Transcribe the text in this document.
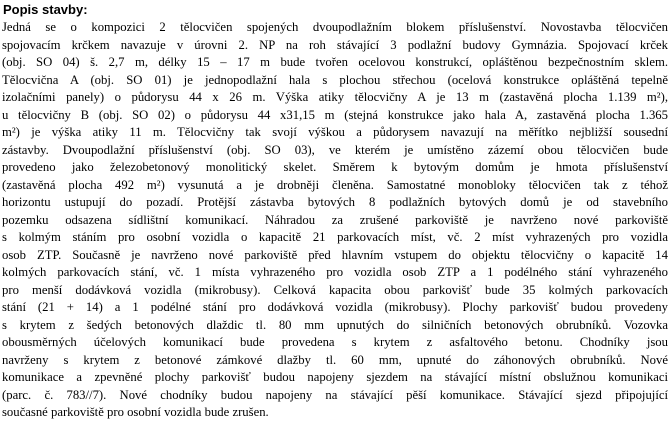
Popis stavby:
Jedná se o kompozici 2 tělocvičen spojených dvoupodlažním blokem příslušenství. Novostavba tělocvičen
spojovacím krčkem navazuje v úrovni 2. NP na roh stávající 3 podlažní budovy Gymnázia. Spojovací krček
(obj. SO 04) š. 2,7 m, délky 15 – 17 m bude tvořen ocelovou konstrukcí, opláštěnou bezpečnostním sklem.
Tělocvična A (obj. SO 01) je jednopodlažní hala s plochou střechou (ocelová konstrukce opláštěná tepelně
izolačními panely) o půdorysu 44 x 26 m. Výška atiky tělocvičny A je 13 m (zastavěná plocha 1.139 m²),
u tělocvičny B (obj. SO 02) o půdorysu 44 x31,15 m (stejná konstrukce jako hala A, zastavěná plocha 1.365
m²) je výška atiky 11 m. Tělocvičny tak svojí výškou a půdorysem navazují na měřítko nejbližší sousední
zástavby. Dvoupodlažní příslušenství (obj. SO 03), ve kterém je umístěno zázemí obou tělocvičen bude
provedeno jako železobetonový monolitický skelet. Směrem k bytovým domům je hmota příslušenství
(zastavěná plocha 492 m²) vysunutá a je drobněji členěna. Samostatné monobloky tělocvičen tak z téhož
horizontu ustupují do pozadí. Protější zástavba bytových 8 podlažních bytových domů je od stavebního
pozemku odsazena sídlištní komunikací. Náhradou za zrušené parkoviště je navrženo nové parkoviště
s kolmým stáním pro osobní vozidla o kapacitě 21 parkovacích míst, vč. 2 míst vyhrazených pro vozidla
osob ZTP. Současně je navrženo nové parkoviště před hlavním vstupem do objektu tělocvičny o kapacitě 14
kolmých parkovacích stání, vč. 1 místa vyhrazeného pro vozidla osob ZTP a 1 podélného stání vyhrazeného
pro menší dodávková vozidla (mikrobusy). Celková kapacita obou parkovišť bude 35 kolmých parkovacích
stání (21 + 14) a 1 podélné stání pro dodávková vozidla (mikrobusy). Plochy parkovišť budou provedeny
s krytem z šedých betonových dlaždic tl. 80 mm upnutých do silničních betonových obrubníků. Vozovka
obousměrných účelových komunikací bude provedena s krytem z asfaltového betonu. Chodníky jsou
navrženy s krytem z betonové zámkové dlažby tl. 60 mm, upnuté do záhonových obrubníků. Nové
komunikace a zpevněné plochy parkovišť budou napojeny sjezdem na stávající místní obslužnou komunikaci
(parc. č. 783//7). Nové chodníky budou napojeny na stávající pěší komunikace. Stávající sjezd připojující
současné parkoviště pro osobní vozidla bude zrušen.
